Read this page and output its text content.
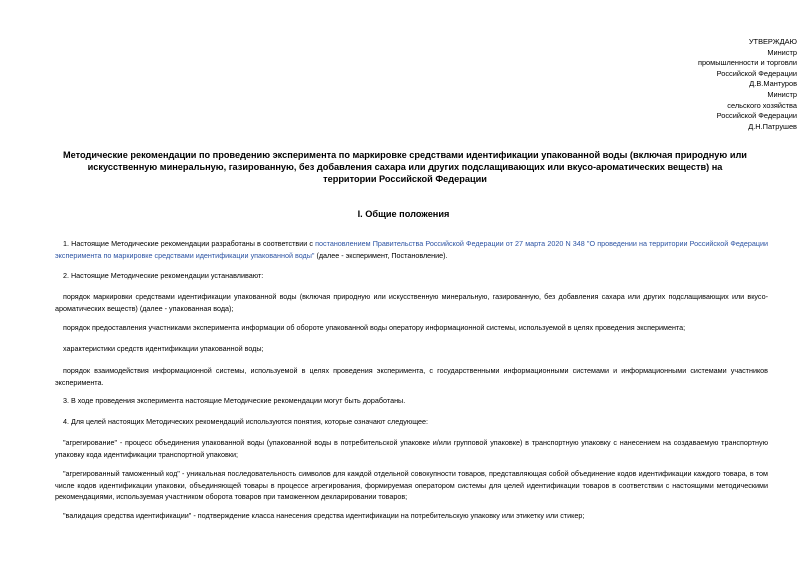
УТВЕРЖДАЮ
Министр
промышленности и торговли
Российской Федерации
Д.В.Мантуров
Министр
сельского хозяйства
Российской Федерации
Д.Н.Патрушев
Методические рекомендации по проведению эксперимента по маркировке средствами идентификации упакованной воды (включая природную или искусственную минеральную, газированную, без добавления сахара или других подслащивающих или вкусо-ароматических веществ) на территории Российской Федерации
I. Общие положения
1. Настоящие Методические рекомендации разработаны в соответствии с постановлением Правительства Российской Федерации от 27 марта 2020 N 348 "О проведении на территории Российской Федерации эксперимента по маркировке средствами идентификации упакованной воды" (далее - эксперимент, Постановление).
2. Настоящие Методические рекомендации устанавливают:
порядок маркировки средствами идентификации упакованной воды (включая природную или искусственную минеральную, газированную, без добавления сахара или других подслащивающих или вкусо-ароматических веществ) (далее - упакованная вода);
порядок предоставления участниками эксперимента информации об обороте упакованной воды оператору информационной системы, используемой в целях проведения эксперимента;
характеристики средств идентификации упакованной воды;
порядок взаимодействия информационной системы, используемой в целях проведения эксперимента, с государственными информационными системами и информационными системами участников эксперимента.
3. В ходе проведения эксперимента настоящие Методические рекомендации могут быть доработаны.
4. Для целей настоящих Методических рекомендаций используются понятия, которые означают следующее:
"агрегирование" - процесс объединения упакованной воды (упакованной воды в потребительской упаковке и/или групповой упаковке) в транспортную упаковку с нанесением на создаваемую транспортную упаковку кода идентификации транспортной упаковки;
"агрегированный таможенный код" - уникальная последовательность символов для каждой отдельной совокупности товаров, представляющая собой объединение кодов идентификации каждого товара, в том числе кодов идентификации упаковки, объединяющей товары в процессе агрегирования, формируемая оператором системы для целей идентификации товаров в соответствии с настоящими методическими рекомендациями, используемая участником оборота товаров при таможенном декларировании товаров;
"валидация средства идентификации" - подтверждение класса нанесения средства идентификации на потребительскую упаковку или этикетку или стикер;
